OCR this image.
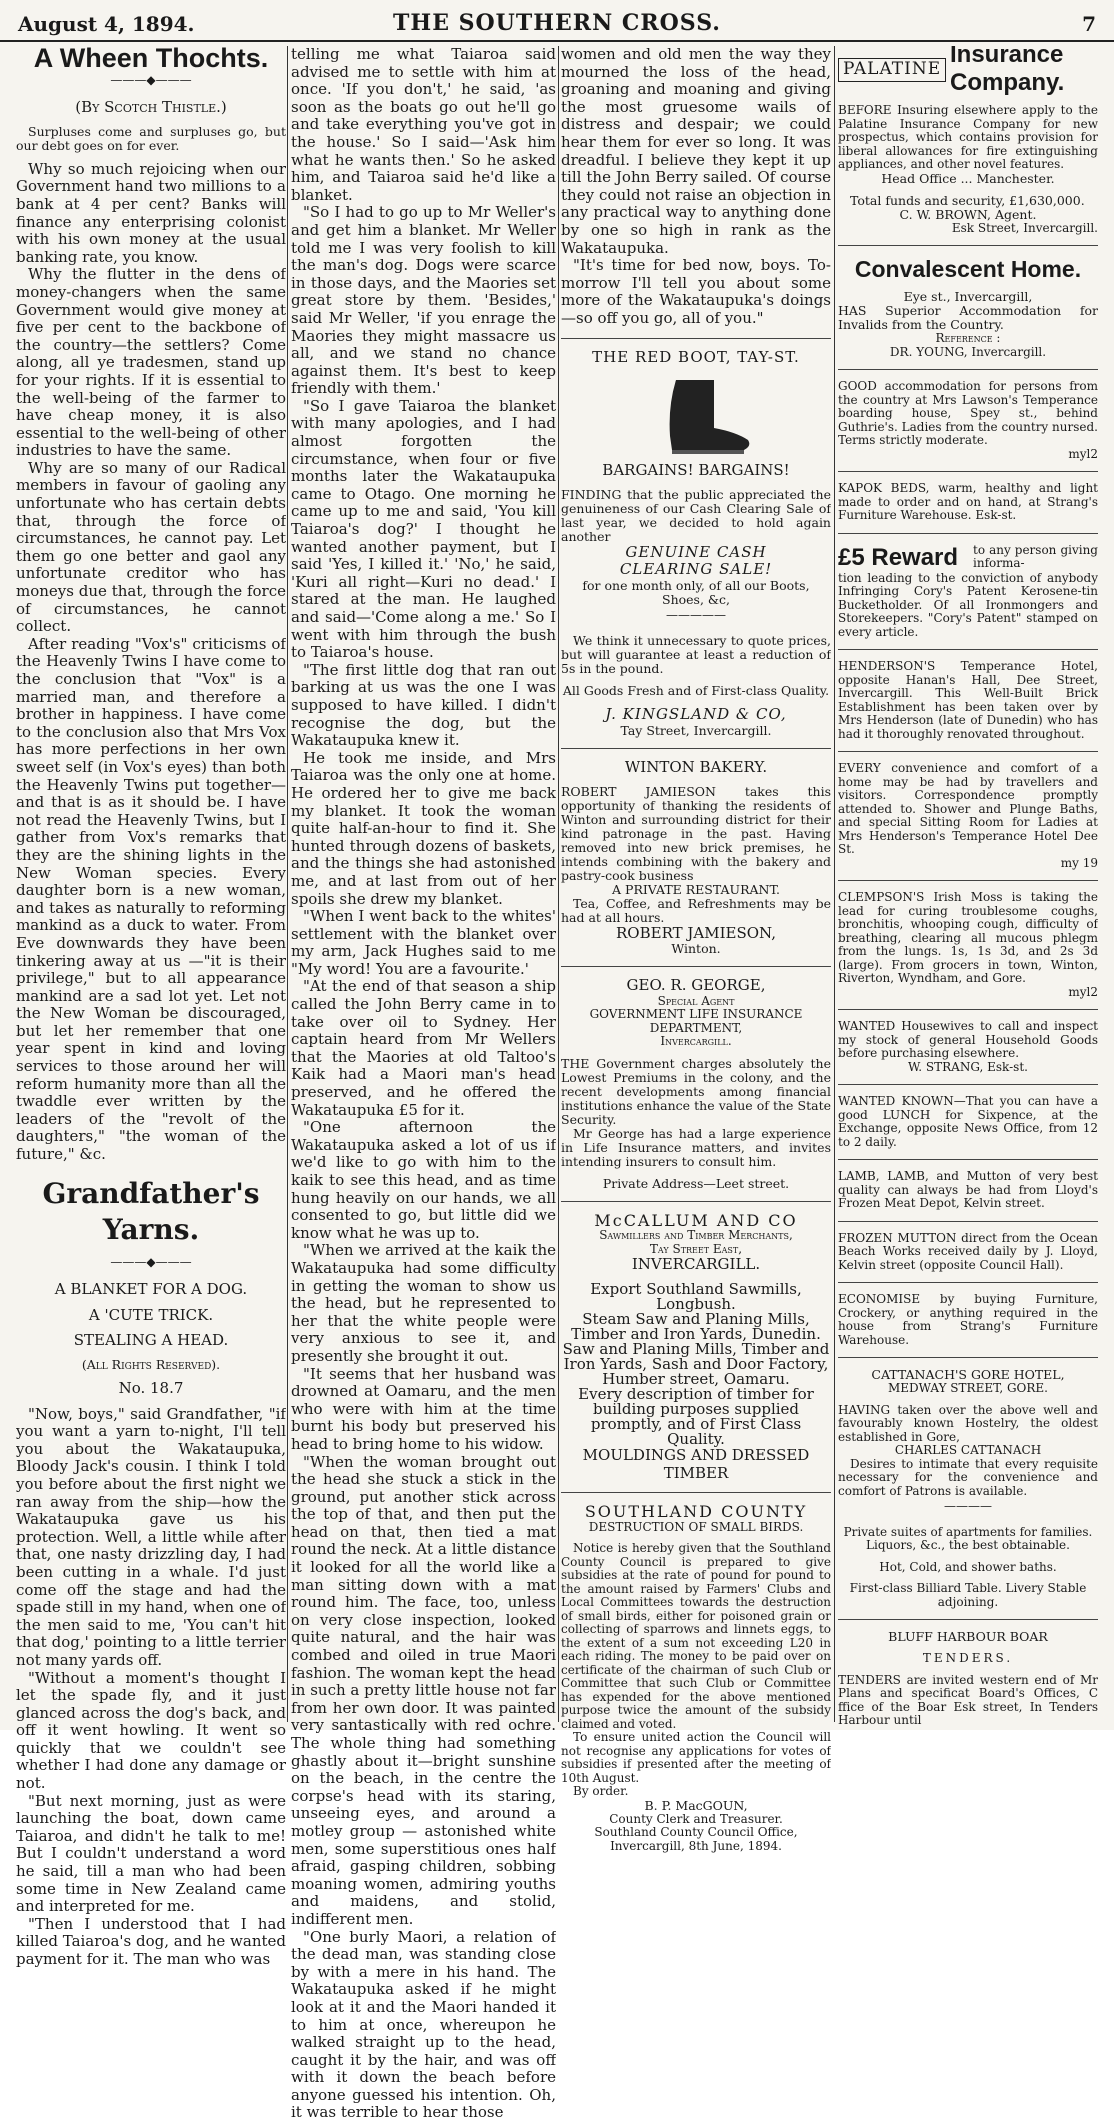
August 4, 1894.	THE SOUTHERN CROSS.	7
A Wheen Thochts.
———◆———

(By Scotch Thistle.)

Surpluses come and surpluses go, but our debt goes on for ever.

Why so much rejoicing when our Government hand two millions to a bank at 4 per cent? Banks will finance any enterprising colonist with his own money at the usual banking rate, you know.

Why the flutter in the dens of money-changers when the same Government would give money at five per cent to the backbone of the country—the settlers? Come along, all ye tradesmen, stand up for your rights. If it is essential to the well-being of the farmer to have cheap money, it is also essential to the well-being of other industries to have the same.

Why are so many of our Radical members in favour of gaoling any unfortunate who has certain debts that, through the force of circumstances, he cannot pay. Let them go one better and gaol any unfortunate creditor who has moneys due that, through the force of circumstances, he cannot collect.

After reading "Vox's" criticisms of the Heavenly Twins I have come to the conclusion that "Vox" is a married man, and therefore a brother in happiness. I have come to the conclusion also that Mrs Vox has more perfections in her own sweet self (in Vox's eyes) than both the Heavenly Twins put together—and that is as it should be. I have not read the Heavenly Twins, but I gather from Vox's remarks that they are the shining lights in the New Woman species. Every daughter born is a new woman, and takes as naturally to reforming mankind as a duck to water. From Eve downwards they have been tinkering away at us —"it is their privilege," but to all appearance mankind are a sad lot yet. Let not the New Woman be discouraged, but let her remember that one year spent in kind and loving services to those around her will reform humanity more than all the twaddle ever written by the leaders of the "revolt of the daughters," "the woman of the future," &c.

Grandfather's Yarns.
———◆———

A BLANKET FOR A DOG.

A 'CUTE TRICK.

STEALING A HEAD.

(All Rights Reserved).

No. 18.7

"Now, boys," said Grandfather, "if you want a yarn to-night, I'll tell you about the Wakataupuka, Bloody Jack's cousin. I think I told you before about the first night we ran away from the ship—how the Wakataupuka gave us his protection. Well, a little while after that, one nasty drizzling day, I had been cutting in a whale. I'd just come off the stage and had the spade still in my hand, when one of the men said to me, 'You can't hit that dog,' pointing to a little terrier not many yards off.

"Without a moment's thought I let the spade fly, and it just glanced across the dog's back, and off it went howling. It went so quickly that we couldn't see whether I had done any damage or not.

"But next morning, just as were launching the boat, down came Taiaroa, and didn't he talk to me! But I couldn't understand a word he said, till a man who had been some time in New Zealand came and interpreted for me.

"Then I understood that I had killed Taiaroa's dog, and he wanted payment for it. The man who was

telling me what Taiaroa said advised me to settle with him at once. 'If you don't,' he said, 'as soon as the boats go out he'll go and take everything you've got in the house.' So I said—'Ask him what he wants then.' So he asked him, and Taiaroa said he'd like a blanket.

"So I had to go up to Mr Weller's and get him a blanket. Mr Weller told me I was very foolish to kill the man's dog. Dogs were scarce in those days, and the Maories set great store by them. 'Besides,' said Mr Weller, 'if you enrage the Maories they might massacre us all, and we stand no chance against them. It's best to keep friendly with them.'

"So I gave Taiaroa the blanket with many apologies, and I had almost forgotten the circumstance, when four or five months later the Wakataupuka came to Otago. One morning he came up to me and said, 'You kill Taiaroa's dog?' I thought he wanted another payment, but I said 'Yes, I killed it.' 'No,' he said, 'Kuri all right—Kuri no dead.' I stared at the man. He laughed and said—'Come along a me.' So I went with him through the bush to Taiaroa's house.

"The first little dog that ran out barking at us was the one I was supposed to have killed. I didn't recognise the dog, but the Wakataupuka knew it.

He took me inside, and Mrs Taiaroa was the only one at home. He ordered her to give me back my blanket. It took the woman quite half-an-hour to find it. She hunted through dozens of baskets, and the things she had astonished me, and at last from out of her spoils she drew my blanket.

"When I went back to the whites' settlement with the blanket over my arm, Jack Hughes said to me "My word! You are a favourite.'

"At the end of that season a ship called the John Berry came in to take over oil to Sydney. Her captain heard from Mr Wellers that the Maories at old Taltoo's Kaik had a Maori man's head preserved, and he offered the Wakataupuka £5 for it.

"One afternoon the Wakataupuka asked a lot of us if we'd like to go with him to the kaik to see this head, and as time hung heavily on our hands, we all consented to go, but little did we know what he was up to.

"When we arrived at the kaik the Wakataupuka had some difficulty in getting the woman to show us the head, but he represented to her that the white people were very anxious to see it, and presently she brought it out.

"It seems that her husband was drowned at Oamaru, and the men who were with him at the time burnt his body but preserved his head to bring home to his widow.

"When the woman brought out the head she stuck a stick in the ground, put another stick across the top of that, and then put the head on that, then tied a mat round the neck. At a little distance it looked for all the world like a man sitting down with a mat round him. The face, too, unless on very close inspection, looked quite natural, and the hair was combed and oiled in true Maori fashion. The woman kept the head in such a pretty little house not far from her own door. It was painted very santastically with red ochre. The whole thing had something ghastly about it—bright sunshine on the beach, in the centre the corpse's head with its staring, unseeing eyes, and around a motley group — astonished white men, some superstitious ones half afraid, gasping children, sobbing moaning women, admiring youths and maidens, and stolid, indifferent men.

"One burly Maori, a relation of the dead man, was standing close by with a mere in his hand. The Wakataupuka asked if he might look at it and the Maori handed it to him at once, whereupon he walked straight up to the head, caught it by the hair, and was off with it down the beach before anyone guessed his intention. Oh, it was terrible to hear those

women and old men the way they mourned the loss of the head, groaning and moaning and giving the most gruesome wails of distress and despair; we could hear them for ever so long. It was dreadful. I believe they kept it up till the John Berry sailed. Of course they could not raise an objection in any practical way to anything done by one so high in rank as the Wakataupuka.

"It's time for bed now, boys. To-morrow I'll tell you about some more of the Wakataupuka's doings—so off you go, all of you."

THE RED BOOT, TAY-ST.

BARGAINS! BARGAINS!

FINDING that the public appreciated the genuineness of our Cash Clearing Sale of last year, we decided to hold again another

GENUINE CASH

CLEARING SALE!

for one month only, of all our Boots, Shoes, &c,

—————

We think it unnecessary to quote prices, but will guarantee at least a reduction of 5s in the pound.

All Goods Fresh and of First-class Quality.

J. KINGSLAND & CO,

Tay Street, Invercargill.

WINTON BAKERY.

ROBERT JAMIESON takes this opportunity of thanking the residents of Winton and surrounding district for their kind patronage in the past. Having removed into new brick premises, he intends combining with the bakery and pastry-cook business

A PRIVATE RESTAURANT.

Tea, Coffee, and Refreshments may be had at all hours.

ROBERT JAMIESON,

Winton.

GEO. R. GEORGE,

Special Agent

GOVERNMENT LIFE INSURANCE DEPARTMENT,

Invercargill.

THE Government charges absolutely the Lowest Premiums in the colony, and the recent developments among financial institutions enhance the value of the State Security.

Mr George has had a large experience in Life Insurance matters, and invites intending insurers to consult him.

Private Address—Leet street.

McCALLUM AND CO

Sawmillers and Timber Merchants,

Tay Street East,

INVERCARGILL.

Export Southland Sawmills, Longbush.

Steam Saw and Planing Mills, Timber and Iron Yards, Dunedin.

Saw and Planing Mills, Timber and Iron Yards, Sash and Door Factory, Humber street, Oamaru.

Every description of timber for building purposes supplied promptly, and of First Class Quality.

MOULDINGS AND DRESSED TIMBER

SOUTHLAND COUNTY

DESTRUCTION OF SMALL BIRDS.

Notice is hereby given that the Southland County Council is prepared to give subsidies at the rate of pound for pound to the amount raised by Farmers' Clubs and Local Committees towards the destruction of small birds, either for poisoned grain or collecting of sparrows and linnets eggs, to the extent of a sum not exceeding L20 in each riding. The money to be paid over on certificate of the chairman of such Club or Committee that such Club or Committee has expended for the above mentioned purpose twice the amount of the subsidy claimed and voted.

To ensure united action the Council will not recognise any applications for votes of subsidies if presented after the meeting of 10th August.

By order.

B. P. MacGOUN,

County Clerk and Treasurer.

Southland County Council Office,

Invercargill, 8th June, 1894.

PALATINE
Insurance
Company.

BEFORE Insuring elsewhere apply to the Palatine Insurance Company for new prospectus, which contains provision for liberal allowances for fire extinguishing appliances, and other novel features.

Head Office ... Manchester.

Total funds and security, £1,630,000.

C. W. BROWN, Agent.

Esk Street, Invercargill.

Convalescent Home.

Eye st., Invercargill,

HAS Superior Accommodation for Invalids from the Country.

Reference :

DR. YOUNG, Invercargill.

GOOD accommodation for persons from the country at Mrs Lawson's Temperance boarding house, Spey st., behind Guthrie's. Ladies from the country nursed. Terms strictly moderate.

myl2

KAPOK BEDS, warm, healthy and light made to order and on hand, at Strang's Furniture Warehouse. Esk-st.

£5 Reward to any person giving informa-

tion leading to the conviction of anybody Infringing Cory's Patent Kerosene-tin Bucketholder. Of all Ironmongers and Storekeepers. "Cory's Patent" stamped on every article.

HENDERSON'S Temperance Hotel, opposite Hanan's Hall, Dee Street, Invercargill. This Well-Built Brick Establishment has been taken over by Mrs Henderson (late of Dunedin) who has had it thoroughly renovated throughout.

EVERY convenience and comfort of a home may be had by travellers and visitors. Correspondence promptly attended to. Shower and Plunge Baths, and special Sitting Room for Ladies at Mrs Henderson's Temperance Hotel Dee St.

my 19

CLEMPSON'S Irish Moss is taking the lead for curing troublesome coughs, bronchitis, whooping cough, difficulty of breathing, clearing all mucous phlegm from the lungs. 1s, 1s 3d, and 2s 3d (large). From grocers in town, Winton, Riverton, Wyndham, and Gore.

myl2

WANTED Housewives to call and inspect my stock of general Household Goods before purchasing elsewhere.

W. STRANG, Esk-st.

WANTED KNOWN—That you can have a good LUNCH for Sixpence, at the Exchange, opposite News Office, from 12 to 2 daily.

LAMB, LAMB, and Mutton of very best quality can always be had from Lloyd's Frozen Meat Depot, Kelvin street.

FROZEN MUTTON direct from the Ocean Beach Works received daily by J. Lloyd, Kelvin street (opposite Council Hall).

ECONOMISE by buying Furniture, Crockery, or anything required in the house from Strang's Furniture Warehouse.

CATTANACH'S GORE HOTEL,

MEDWAY STREET, GORE.

HAVING taken over the above well and favourably known Hostelry, the oldest established in Gore,

CHARLES CATTANACH

Desires to intimate that every requisite necessary for the convenience and comfort of Patrons is available.

————

Private suites of apartments for families. Liquors, &c., the best obtainable.

Hot, Cold, and shower baths.

First-class Billiard Table. Livery Stable adjoining.

BLUFF HARBOUR BOAR

TENDERS.

TENDERS are invited western end of Mr Plans and specificat Board's Offices, C ffice of the Boar Esk street, In Tenders Harbour until
